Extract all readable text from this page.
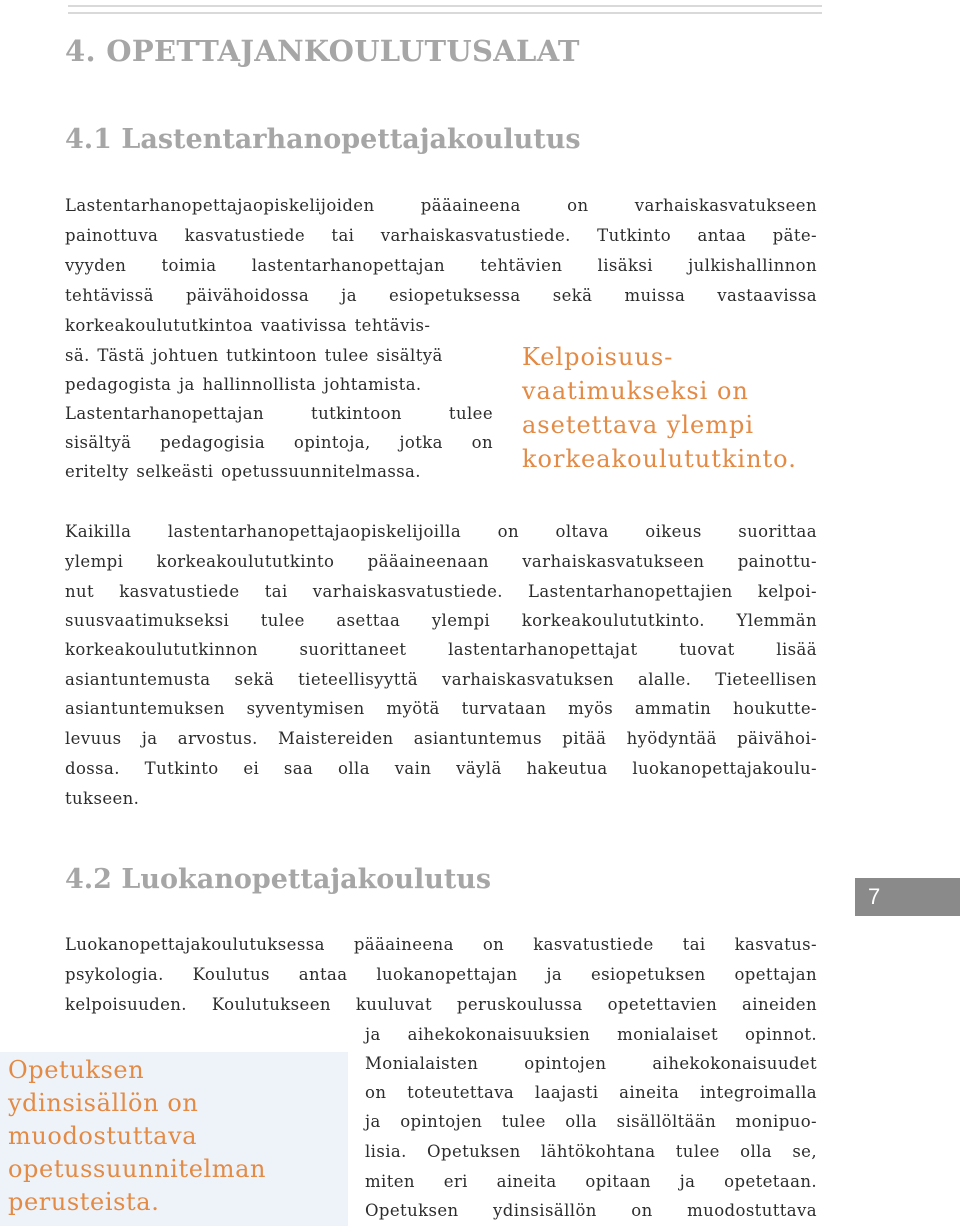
4. OPETTAJANKOULUTUSALAT
4.1 Lastentarhanopettajakoulutus

Lastentarhanopettajaopiskelijoiden pääaineena on varhaiskasvatukseen

painottuva kasvatustiede tai varhaiskasvatustiede. Tutkinto antaa päte-

vyyden toimia lastentarhanopettajan tehtävien lisäksi julkishallinnon

tehtävissä päivähoidossa ja esiopetuksessa sekä muissa vastaavissa

korkeakoulututkintoa vaativissa tehtävis-

sä. Tästä johtuen tutkintoon tulee sisältyä

pedagogista ja hallinnollista johtamista.

Lastentarhanopettajan tutkintoon tulee

sisältyä pedagogisia opintoja, jotka on

eritelty selkeästi opetussuunnitelmassa.

Kelpoisuus-
vaatimukseksi on
asetettava ylempi
korkeakoulututkinto.

Kaikilla lastentarhanopettajaopiskelijoilla on oltava oikeus suorittaa

ylempi korkeakoulututkinto pääaineenaan varhaiskasvatukseen painottu-

nut kasvatustiede tai varhaiskasvatustiede. Lastentarhanopettajien kelpoi-

suusvaatimukseksi tulee asettaa ylempi korkeakoulututkinto. Ylemmän

korkeakoulututkinnon suorittaneet lastentarhanopettajat tuovat lisää

asiantuntemusta sekä tieteellisyyttä varhaiskasvatuksen alalle. Tieteellisen

asiantuntemuksen syventymisen myötä turvataan myös ammatin houkutte-

levuus ja arvostus. Maistereiden asiantuntemus pitää hyödyntää päivähoi-

dossa. Tutkinto ei saa olla vain väylä hakeutua luokanopettajakoulu-

tukseen.

4.2 Luokanopettajakoulutus
7

Luokanopettajakoulutuksessa pääaineena on kasvatustiede tai kasvatus-

psykologia. Koulutus antaa luokanopettajan ja esiopetuksen opettajan

kelpoisuuden. Koulutukseen kuuluvat peruskoulussa opetettavien aineiden

ja aihekokonaisuuksien monialaiset opinnot.

Monialaisten opintojen aihekokonaisuudet

on toteutettava laajasti aineita integroimalla

ja opintojen tulee olla sisällöltään monipuo-

lisia. Opetuksen lähtökohtana tulee olla se,

miten eri aineita opitaan ja opetetaan.

Opetuksen ydinsisällön on muodostuttava

Opetuksen
ydinsisällön on
muodostuttava
opetussuunnitelman
perusteista.
